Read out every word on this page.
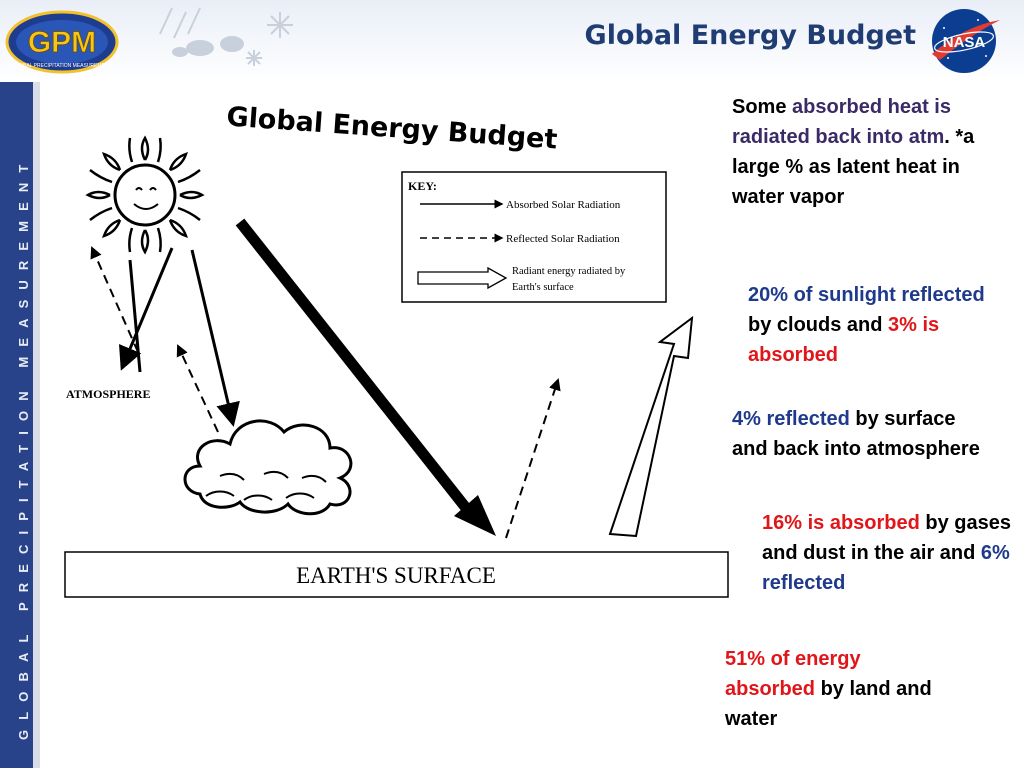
GPM
GLOBAL PRECIPITATION MEASUREMENT
Global Energy Budget NASA
GLOBAL PRECIPITATION MEASUREMENT
Global Energy Budget
ATMOSPHERE
KEY:
Absorbed Solar Radiation
Reflected Solar Radiation
Radiant energy radiated by
Earth's surface
EARTH'S SURFACE
Some absorbed heat is radiated back into atm. *a large % as latent heat in water vapor
20% of sunlight reflected by clouds and 3% is absorbed
4% reflected by surface and back into atmosphere
16% is absorbed by gases and dust in the air and 6% reflected
51% of energy absorbed by land and water
